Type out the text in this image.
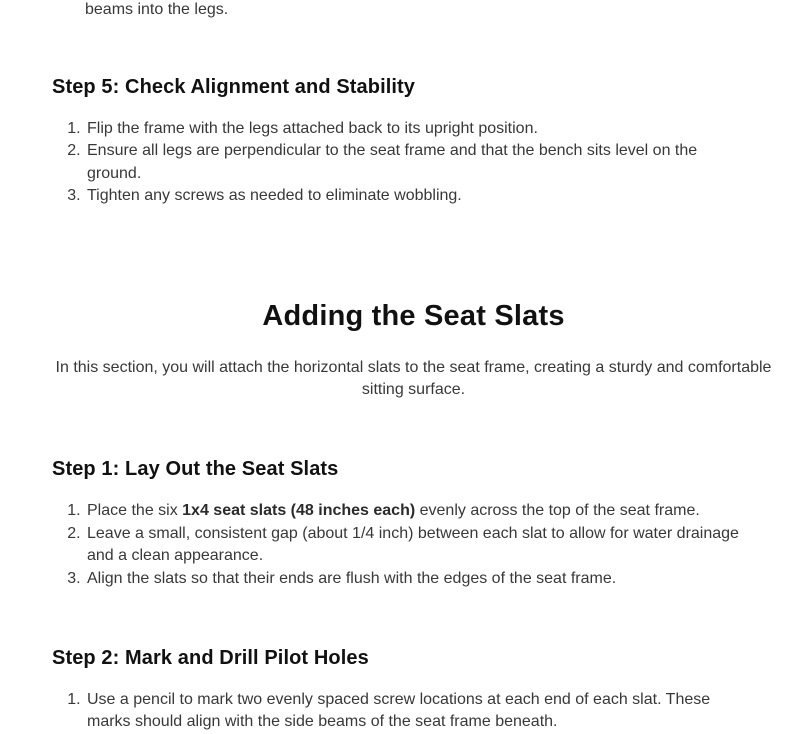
beams into the legs.
Step 5: Check Alignment and Stability
1. Flip the frame with the legs attached back to its upright position.
2. Ensure all legs are perpendicular to the seat frame and that the bench sits level on the ground.
3. Tighten any screws as needed to eliminate wobbling.
Adding the Seat Slats

In this section, you will attach the horizontal slats to the seat frame, creating a sturdy and comfortable sitting surface.

Step 1: Lay Out the Seat Slats
1. Place the six 1x4 seat slats (48 inches each) evenly across the top of the seat frame.
2. Leave a small, consistent gap (about 1/4 inch) between each slat to allow for water drainage and a clean appearance.
3. Align the slats so that their ends are flush with the edges of the seat frame.
Step 2: Mark and Drill Pilot Holes
1. Use a pencil to mark two evenly spaced screw locations at each end of each slat. These marks should align with the side beams of the seat frame beneath.
